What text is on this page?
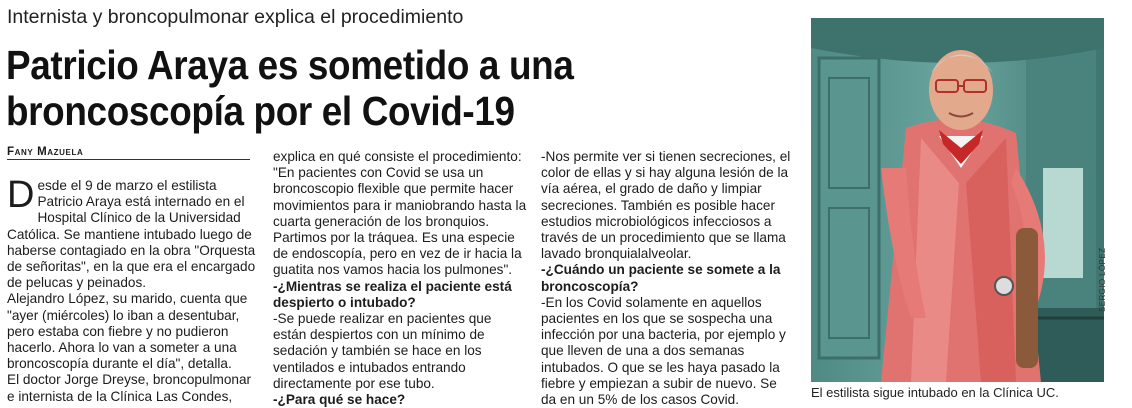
Internista y broncopulmonar explica el procedimiento
Patricio Araya es sometido a una
broncoscopía por el Covid-19
Fany Mazuela

Desde el 9 de marzo el estilista Patricio Araya está internado en el Hospital Clínico de la Universidad Católica. Se mantiene intubado luego de haberse contagiado en la obra "Orquesta de señoritas", en la que era el encargado de pelucas y peinados.

Alejandro López, su marido, cuenta que "ayer (miércoles) lo iban a desentubar, pero estaba con fiebre y no pudieron hacerlo. Ahora lo van a someter a una broncoscopía durante el día", detalla.

El doctor Jorge Dreyse, broncopulmonar e internista de la Clínica Las Condes,

explica en qué consiste el procedimiento: "En pacientes con Covid se usa un broncoscopio flexible que permite hacer movimientos para ir maniobrando hasta la cuarta generación de los bronquios. Partimos por la tráquea. Es una especie de endoscopía, pero en vez de ir hacia la guatita nos vamos hacia los pulmones".

-¿Mientras se realiza el paciente está despierto o intubado?

-Se puede realizar en pacientes que están despiertos con un mínimo de sedación y también se hace en los ventilados e intubados entrando directamente por ese tubo.

-¿Para qué se hace?

-Nos permite ver si tienen secreciones, el color de ellas y si hay alguna lesión de la vía aérea, el grado de daño y limpiar secreciones. También es posible hacer estudios microbiológicos infecciosos a través de un procedimiento que se llama lavado bronquialalveolar.

-¿Cuándo un paciente se somete a la broncoscopía?

-En los Covid solamente en aquellos pacientes en los que se sospecha una infección por una bacteria, por ejemplo y que lleven de una a dos semanas intubados. O que se les haya pasado la fiebre y empiezan a subir de nuevo. Se da en un 5% de los casos Covid.

SERGIO LÓPEZ
El estilista sigue intubado en la Clínica UC.
